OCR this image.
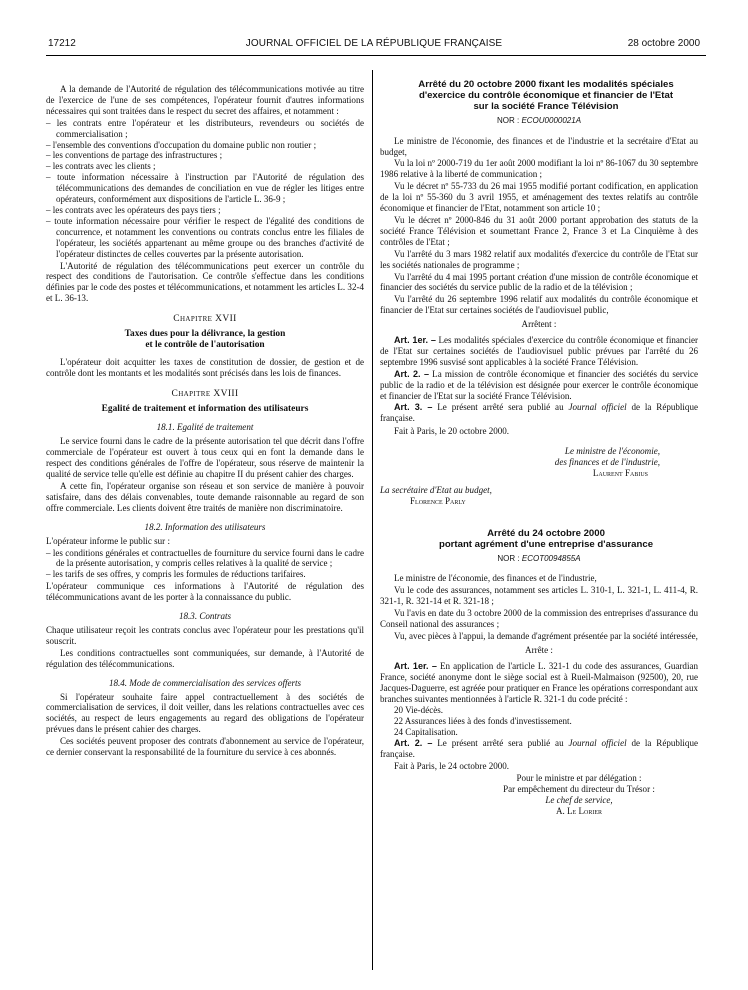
17212	JOURNAL OFFICIEL DE LA RÉPUBLIQUE FRANÇAISE	28 octobre 2000

A la demande de l'Autorité de régulation des télécommunications motivée au titre de l'exercice de l'une de ses compétences, l'opérateur fournit d'autres informations nécessaires qui sont traitées dans le respect du secret des affaires, et notamment :

– les contrats entre l'opérateur et les distributeurs, revendeurs ou sociétés de commercialisation ;
– l'ensemble des conventions d'occupation du domaine public non routier ;
– les conventions de partage des infrastructures ;
– les contrats avec les clients ;
– toute information nécessaire à l'instruction par l'Autorité de régulation des télécommunications des demandes de conciliation en vue de régler les litiges entre opérateurs, conformément aux dispositions de l'article L. 36-9 ;
– les contrats avec les opérateurs des pays tiers ;
– toute information nécessaire pour vérifier le respect de l'égalité des conditions de concurrence, et notamment les conventions ou contrats conclus entre les filiales de l'opérateur, les sociétés appartenant au même groupe ou des branches d'activité de l'opérateur distinctes de celles couvertes par la présente autorisation.

L'Autorité de régulation des télécommunications peut exercer un contrôle du respect des conditions de l'autorisation. Ce contrôle s'effectue dans les conditions définies par le code des postes et télécommunications, et notamment les articles L. 32-4 et L. 36-13.

Chapitre XVII
Taxes dues pour la délivrance, la gestion
et le contrôle de l'autorisation

L'opérateur doit acquitter les taxes de constitution de dossier, de gestion et de contrôle dont les montants et les modalités sont précisés dans les lois de finances.

Chapitre XVIII
Egalité de traitement et information des utilisateurs
18.1. Egalité de traitement

Le service fourni dans le cadre de la présente autorisation tel que décrit dans l'offre commerciale de l'opérateur est ouvert à tous ceux qui en font la demande dans le respect des conditions générales de l'offre de l'opérateur, sous réserve de maintenir la qualité de service telle qu'elle est définie au chapitre II du présent cahier des charges.

A cette fin, l'opérateur organise son réseau et son service de manière à pouvoir satisfaire, dans des délais convenables, toute demande raisonnable au regard de son offre commerciale. Les clients doivent être traités de manière non discriminatoire.

18.2. Information des utilisateurs

L'opérateur informe le public sur :

– les conditions générales et contractuelles de fourniture du service fourni dans le cadre de la présente autorisation, y compris celles relatives à la qualité de service ;
– les tarifs de ses offres, y compris les formules de réductions tarifaires.

L'opérateur communique ces informations à l'Autorité de régulation des télécommunications avant de les porter à la connaissance du public.

18.3. Contrats

Chaque utilisateur reçoit les contrats conclus avec l'opérateur pour les prestations qu'il souscrit.

Les conditions contractuelles sont communiquées, sur demande, à l'Autorité de régulation des télécommunications.

18.4. Mode de commercialisation des services offerts

Si l'opérateur souhaite faire appel contractuellement à des sociétés de commercialisation de services, il doit veiller, dans les relations contractuelles avec ces sociétés, au respect de leurs engagements au regard des obligations de l'opérateur prévues dans le présent cahier des charges.

Ces sociétés peuvent proposer des contrats d'abonnement au service de l'opérateur, ce dernier conservant la responsabilité de la fourniture du service à ces abonnés.

Arrêté du 20 octobre 2000 fixant les modalités spéciales

d'exercice du contrôle économique et financier de l'Etat

sur la société France Télévision

NOR : ECOU0000021A

Le ministre de l'économie, des finances et de l'industrie et la secrétaire d'Etat au budget,

Vu la loi nº 2000-719 du 1er août 2000 modifiant la loi nº 86-1067 du 30 septembre 1986 relative à la liberté de communication ;

Vu le décret nº 55-733 du 26 mai 1955 modifié portant codification, en application de la loi nº 55-360 du 3 avril 1955, et aménagement des textes relatifs au contrôle économique et financier de l'Etat, notamment son article 10 ;

Vu le décret nº 2000-846 du 31 août 2000 portant approbation des statuts de la société France Télévision et soumettant France 2, France 3 et La Cinquième à des contrôles de l'Etat ;

Vu l'arrêté du 3 mars 1982 relatif aux modalités d'exercice du contrôle de l'Etat sur les sociétés nationales de programme ;

Vu l'arrêté du 4 mai 1995 portant création d'une mission de contrôle économique et financier des sociétés du service public de la radio et de la télévision ;

Vu l'arrêté du 26 septembre 1996 relatif aux modalités du contrôle économique et financier de l'Etat sur certaines sociétés de l'audiovisuel public,

Arrêtent :

Art. 1er. – Les modalités spéciales d'exercice du contrôle économique et financier de l'Etat sur certaines sociétés de l'audiovisuel public prévues par l'arrêté du 26 septembre 1996 susvisé sont applicables à la société France Télévision.

Art. 2. – La mission de contrôle économique et financier des sociétés du service public de la radio et de la télévision est désignée pour exercer le contrôle économique et financier de l'Etat sur la société France Télévision.

Art. 3. – Le présent arrêté sera publié au Journal officiel de la République française.

Fait à Paris, le 20 octobre 2000.

Le ministre de l'économie,

des finances et de l'industrie,

Laurent Fabius

La secrétaire d'Etat au budget,

Florence Parly

Arrêté du 24 octobre 2000

portant agrément d'une entreprise d'assurance

NOR : ECOT0094855A

Le ministre de l'économie, des finances et de l'industrie,

Vu le code des assurances, notamment ses articles L. 310-1, L. 321-1, L. 411-4, R. 321-1, R. 321-14 et R. 321-18 ;

Vu l'avis en date du 3 octobre 2000 de la commission des entreprises d'assurance du Conseil national des assurances ;

Vu, avec pièces à l'appui, la demande d'agrément présentée par la société intéressée,

Arrête :

Art. 1er. – En application de l'article L. 321-1 du code des assurances, Guardian France, société anonyme dont le siège social est à Rueil-Malmaison (92500), 20, rue Jacques-Daguerre, est agréée pour pratiquer en France les opérations correspondant aux branches suivantes mentionnées à l'article R. 321-1 du code précité :

20 Vie-décès.

22 Assurances liées à des fonds d'investissement.

24 Capitalisation.

Art. 2. – Le présent arrêté sera publié au Journal officiel de la République française.

Fait à Paris, le 24 octobre 2000.

Pour le ministre et par délégation :

Par empêchement du directeur du Trésor :

Le chef de service,

A. Le Lorier
